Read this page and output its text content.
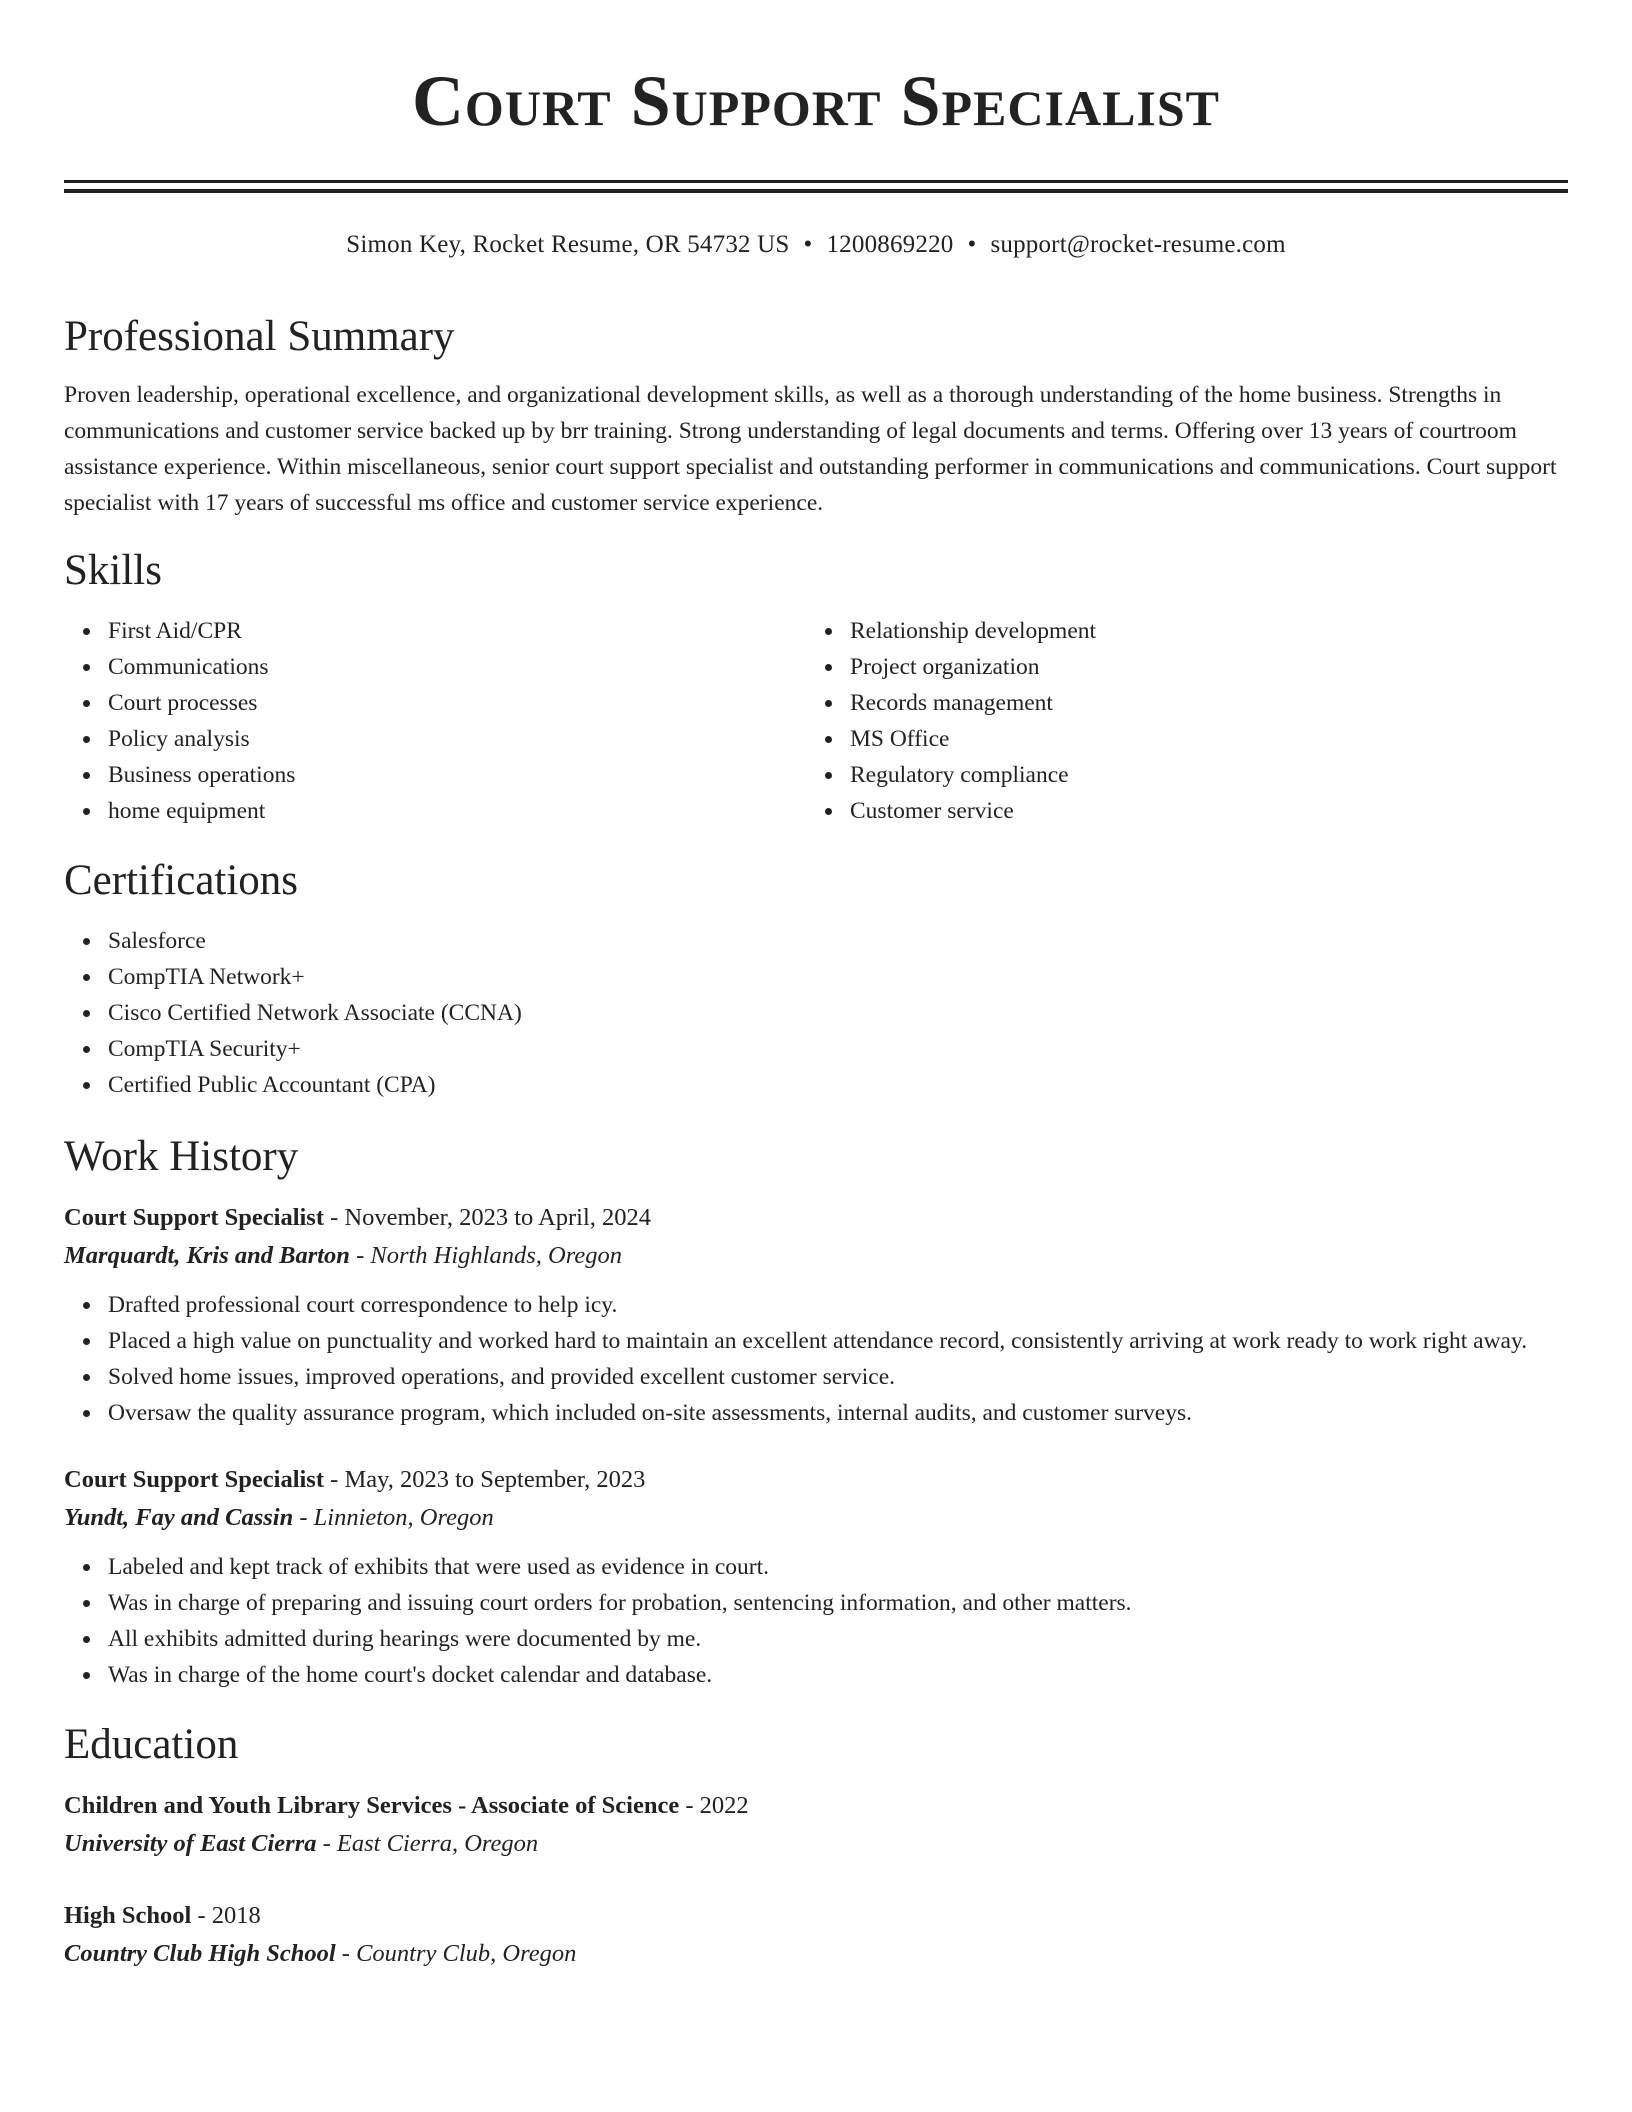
Court Support Specialist
Simon Key, Rocket Resume, OR 54732 US • 1200869220 • support@rocket-resume.com
Professional Summary
Proven leadership, operational excellence, and organizational development skills, as well as a thorough understanding of the home business. Strengths in communications and customer service backed up by brr training. Strong understanding of legal documents and terms. Offering over 13 years of courtroom assistance experience. Within miscellaneous, senior court support specialist and outstanding performer in communications and communications. Court support specialist with 17 years of successful ms office and customer service experience.
Skills
First Aid/CPR
Communications
Court processes
Policy analysis
Business operations
home equipment
Relationship development
Project organization
Records management
MS Office
Regulatory compliance
Customer service
Certifications
Salesforce
CompTIA Network+
Cisco Certified Network Associate (CCNA)
CompTIA Security+
Certified Public Accountant (CPA)
Work History
Court Support Specialist - November, 2023 to April, 2024
Marquardt, Kris and Barton - North Highlands, Oregon
Drafted professional court correspondence to help icy.
Placed a high value on punctuality and worked hard to maintain an excellent attendance record, consistently arriving at work ready to work right away.
Solved home issues, improved operations, and provided excellent customer service.
Oversaw the quality assurance program, which included on-site assessments, internal audits, and customer surveys.
Court Support Specialist - May, 2023 to September, 2023
Yundt, Fay and Cassin - Linnieton, Oregon
Labeled and kept track of exhibits that were used as evidence in court.
Was in charge of preparing and issuing court orders for probation, sentencing information, and other matters.
All exhibits admitted during hearings were documented by me.
Was in charge of the home court's docket calendar and database.
Education
Children and Youth Library Services - Associate of Science - 2022
University of East Cierra - East Cierra, Oregon
High School - 2018
Country Club High School - Country Club, Oregon
